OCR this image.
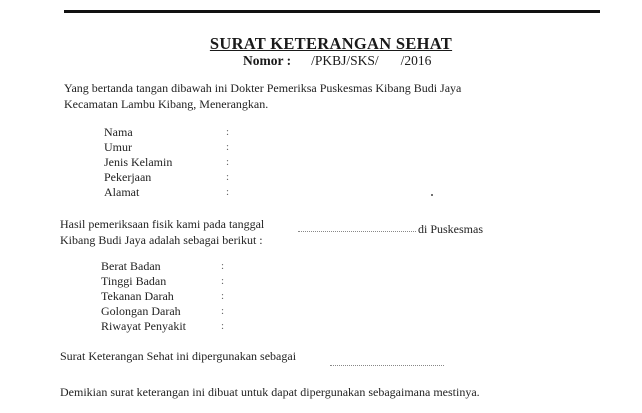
SURAT KETERANGAN SEHAT
Nomor : /PKBJ/SKS/ /2016
Yang bertanda tangan dibawah ini Dokter Pemeriksa Puskesmas Kibang Budi Jaya
Kecamatan Lambu Kibang, Menerangkan.
Nama
Umur
Jenis Kelamin
Pekerjaan
Alamat
:
:
:
:
:
Hasil pemeriksaan fisik kami pada tanggal	di Puskesmas
Kibang Budi Jaya adalah sebagai berikut :
Berat Badan
Tinggi Badan
Tekanan Darah
Golongan Darah
Riwayat Penyakit
:
:
:
:
:
Surat Keterangan Sehat ini dipergunakan sebagai
Demikian surat keterangan ini dibuat untuk dapat dipergunakan sebagaimana mestinya.
